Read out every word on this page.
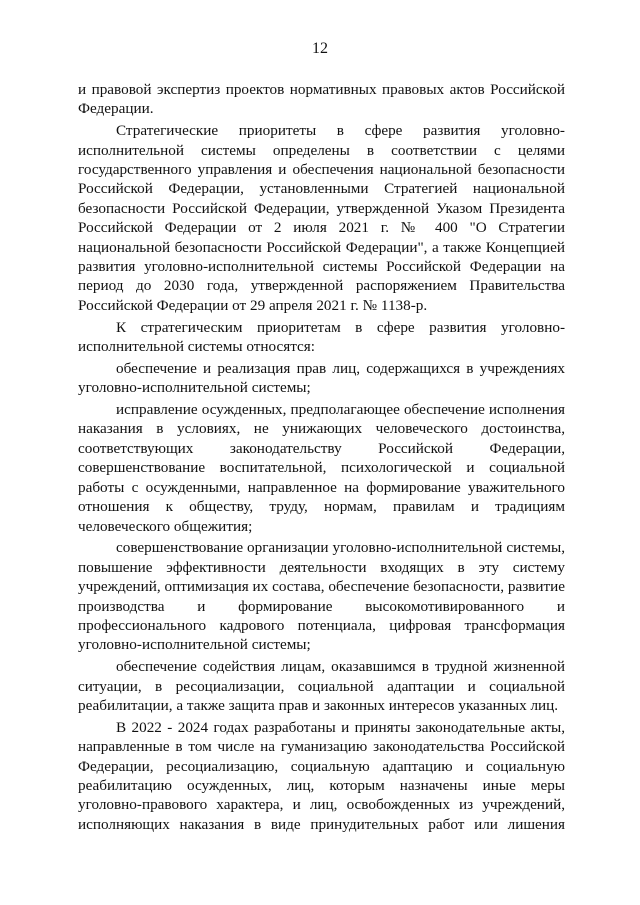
12

и правовой экспертиз проектов нормативных правовых актов Российской Федерации.

Стратегические приоритеты в сфере развития уголовно-исполнительной системы определены в соответствии с целями государственного управления и обеспечения национальной безопасности Российской Федерации, установленными Стратегией национальной безопасности Российской Федерации, утвержденной Указом Президента Российской Федерации от 2 июля 2021 г. № 400 "О Стратегии национальной безопасности Российской Федерации", а также Концепцией развития уголовно-исполнительной системы Российской Федерации на период до 2030 года, утвержденной распоряжением Правительства Российской Федерации от 29 апреля 2021 г. № 1138-р.

К стратегическим приоритетам в сфере развития уголовно-исполнительной системы относятся:

обеспечение и реализация прав лиц, содержащихся в учреждениях уголовно-исполнительной системы;

исправление осужденных, предполагающее обеспечение исполнения наказания в условиях, не унижающих человеческого достоинства, соответствующих законодательству Российской Федерации, совершенствование воспитательной, психологической и социальной работы с осужденными, направленное на формирование уважительного отношения к обществу, труду, нормам, правилам и традициям человеческого общежития;

совершенствование организации уголовно-исполнительной системы, повышение эффективности деятельности входящих в эту систему учреждений, оптимизация их состава, обеспечение безопасности, развитие производства и формирование высокомотивированного и профессионального кадрового потенциала, цифровая трансформация уголовно-исполнительной системы;

обеспечение содействия лицам, оказавшимся в трудной жизненной ситуации, в ресоциализации, социальной адаптации и социальной реабилитации, а также защита прав и законных интересов указанных лиц.

В 2022 - 2024 годах разработаны и приняты законодательные акты, направленные в том числе на гуманизацию законодательства Российской Федерации, ресоциализацию, социальную адаптацию и социальную реабилитацию осужденных, лиц, которым назначены иные меры уголовно-правового характера, и лиц, освобожденных из учреждений, исполняющих наказания в виде принудительных работ или лишения
